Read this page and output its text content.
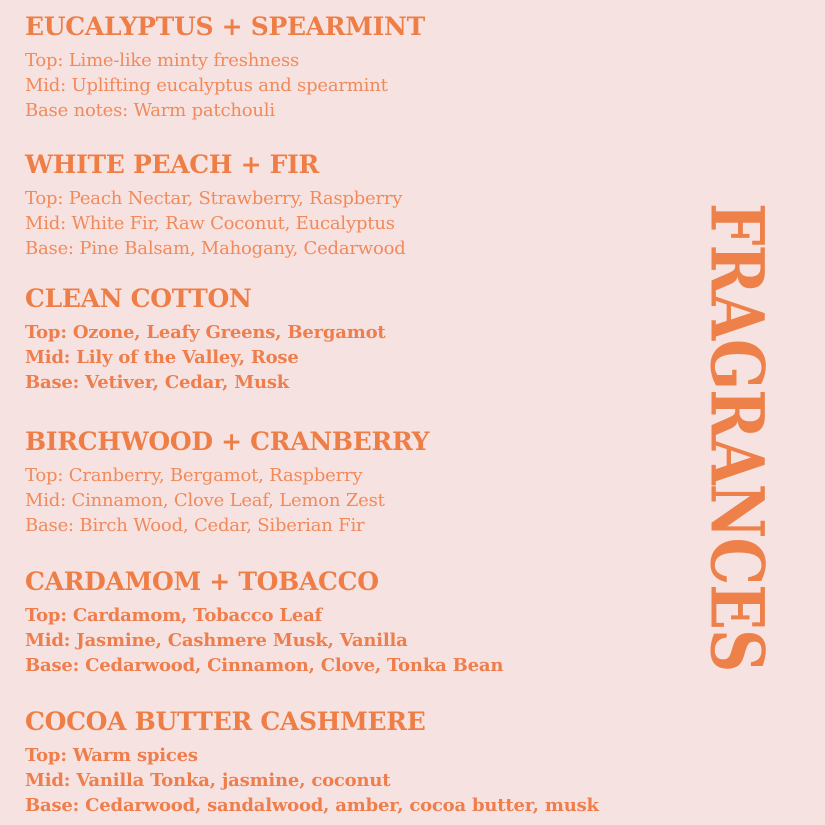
EUCALYPTUS + SPEARMINT

Top: Lime-like minty freshness

Mid: Uplifting eucalyptus and spearmint

Base notes: Warm patchouli

WHITE PEACH + FIR

Top: Peach Nectar, Strawberry, Raspberry

Mid: White Fir, Raw Coconut, Eucalyptus

Base: Pine Balsam, Mahogany, Cedarwood

CLEAN COTTON

Top: Ozone, Leafy Greens, Bergamot

Mid: Lily of the Valley, Rose

Base: Vetiver, Cedar, Musk

BIRCHWOOD + CRANBERRY

Top: Cranberry, Bergamot, Raspberry

Mid: Cinnamon, Clove Leaf, Lemon Zest

Base: Birch Wood, Cedar, Siberian Fir

CARDAMOM + TOBACCO

Top: Cardamom, Tobacco Leaf

Mid: Jasmine, Cashmere Musk, Vanilla

Base: Cedarwood, Cinnamon, Clove, Tonka Bean

COCOA BUTTER CASHMERE

Top: Warm spices

Mid: Vanilla Tonka, jasmine, coconut

Base: Cedarwood, sandalwood, amber, cocoa butter, musk

FRAGRANCES
